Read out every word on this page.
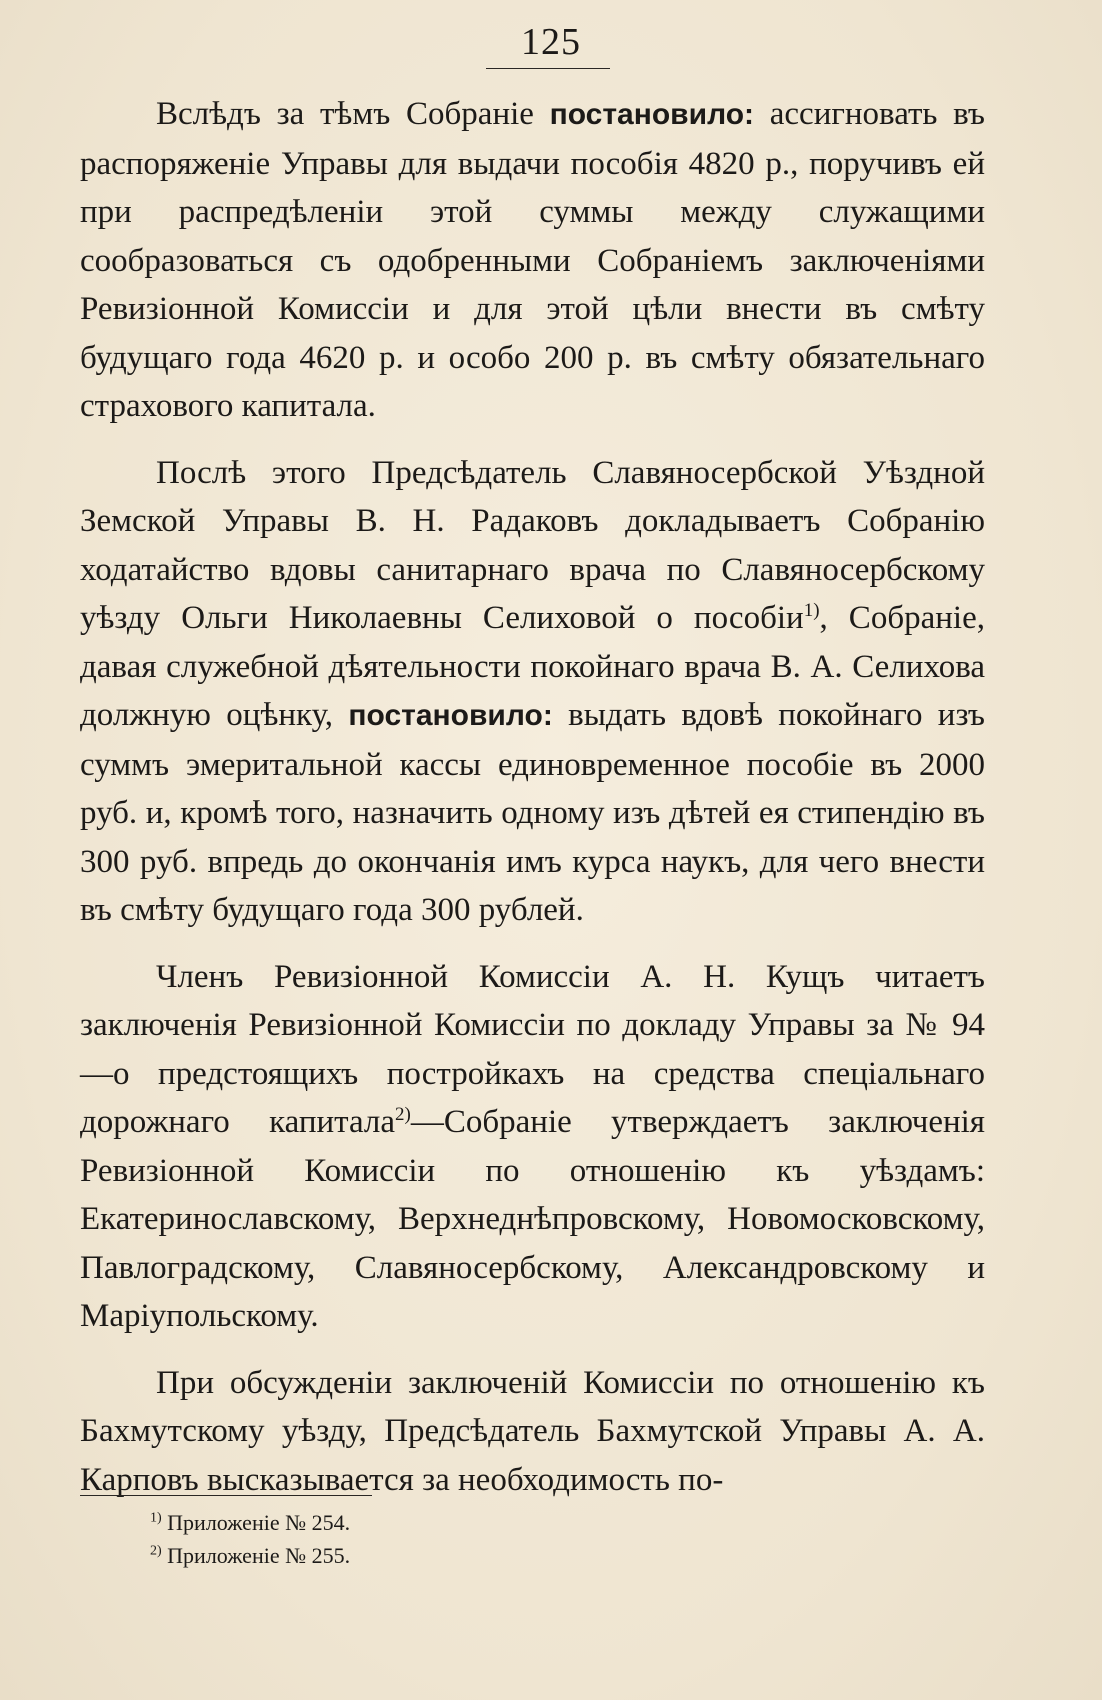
125

Вслѣдъ за тѣмъ Собраніе постановило: ассигновать въ распоряженіе Управы для выдачи пособія 4820 р., поручивъ ей при распредѣленіи этой суммы между служащими сообразоваться съ одобренными Собраніемъ заключеніями Ревизіонной Комиссіи и для этой цѣли внести въ смѣту будущаго года 4620 р. и особо 200 р. въ смѣту обязательнаго страхового капитала.

Послѣ этого Предсѣдатель Славяносербской Уѣздной Земской Управы В. Н. Радаковъ докладываетъ Собранію ходатайство вдовы санитарнаго врача по Славяносербскому уѣзду Ольги Николаевны Селиховой о пособіи$^{1)}$, Собраніе, давая служебной дѣятельности покойнаго врача В. А. Селихова должную оцѣнку, постановило: выдать вдовѣ покойнаго изъ суммъ эмеритальной кассы единовременное пособіе въ 2000 руб. и, кромѣ того, назначить одному изъ дѣтей ея стипендію въ 300 руб. впредь до окончанія имъ курса наукъ, для чего внести въ смѣту будущаго года 300 рублей.

Членъ Ревизіонной Комиссіи А. Н. Кущъ читаетъ заключенія Ревизіонной Комиссіи по докладу Управы за № 94—о предстоящихъ постройкахъ на средства спеціальнаго дорожнаго капитала$^{2)}$—Собраніе утверждаетъ заключенія Ревизіонной Комиссіи по отношенію къ уѣздамъ: Екатеринославскому, Верхнеднѣпровскому, Новомосковскому, Павлоградскому, Славяносербскому, Александровскому и Маріупольскому.

При обсужденіи заключеній Комиссіи по отношенію къ Бахмутскому уѣзду, Предсѣдатель Бахмутской Управы А. А. Карповъ высказывается за необходимость по-

$^{1)}$ Приложеніе № 254.

$^{2)}$ Приложеніе № 255.
